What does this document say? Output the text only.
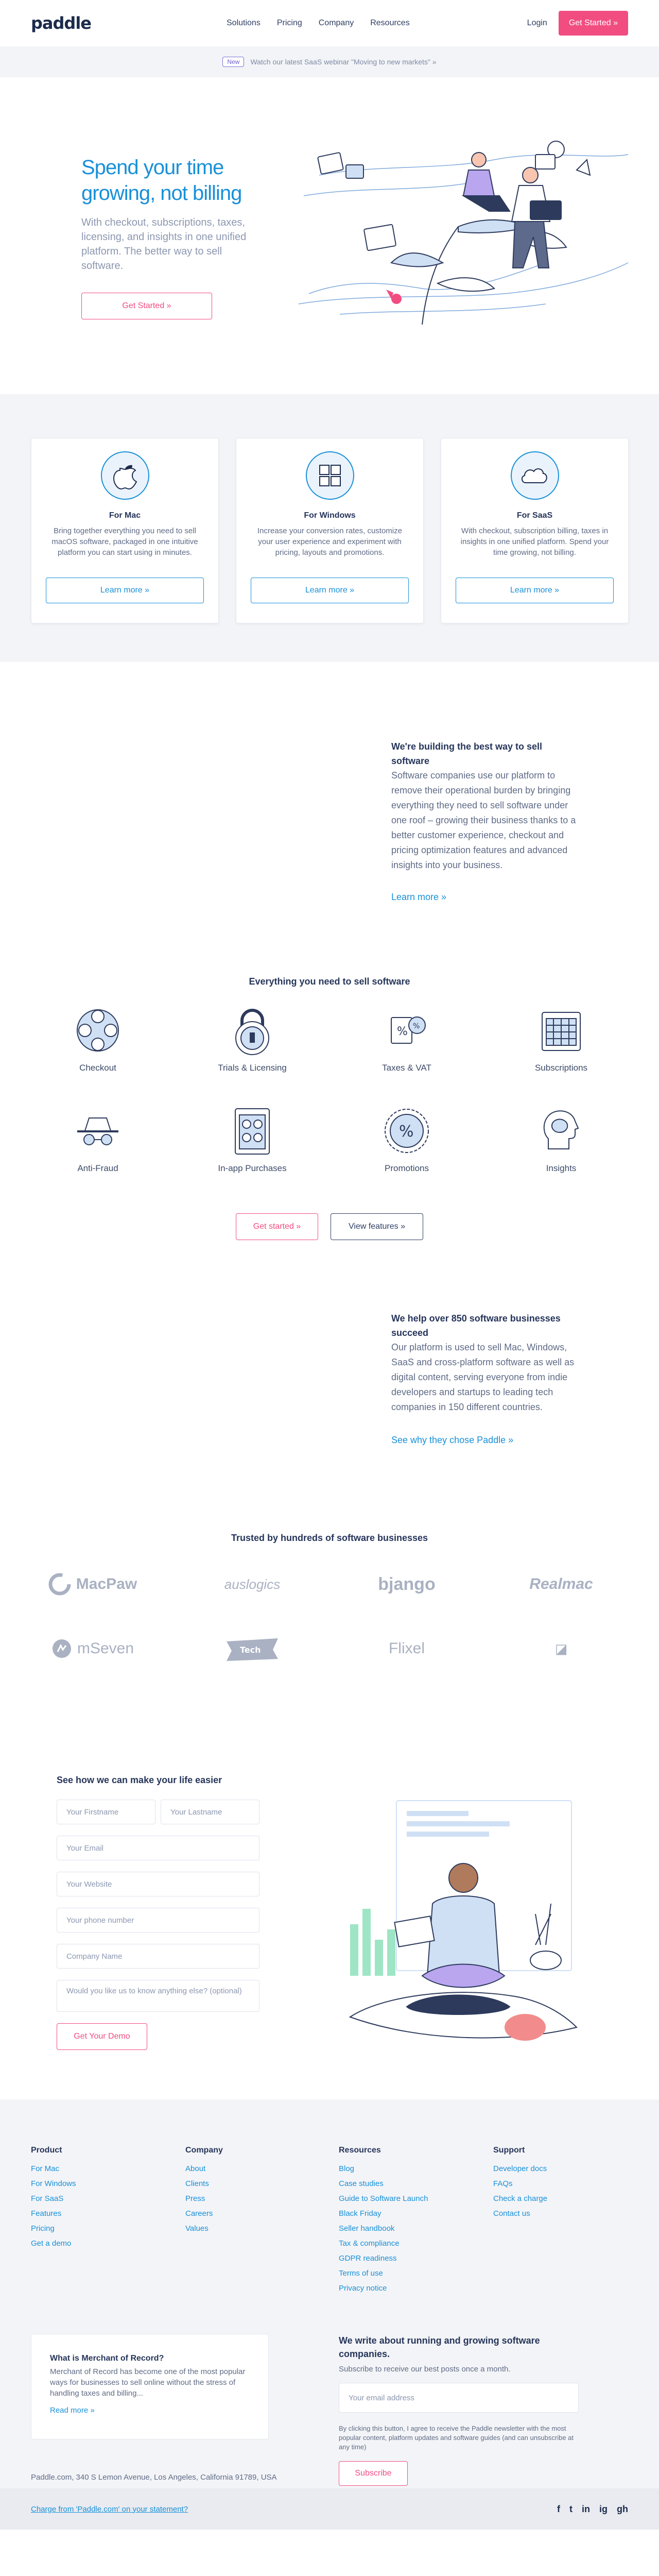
paddle	Solutions Pricing Company Resources	Login	Get Started »
New	Watch our latest SaaS webinar "Moving to new markets" »
Spend your time growing, not billing

With checkout, subscriptions, taxes, licensing, and insights in one unified platform. The better way to sell software.

Get Started »
For Mac

Bring together everything you need to sell macOS software, packaged in one intuitive platform you can start using in minutes.

Learn more »
For Windows

Increase your conversion rates, customize your user experience and experiment with pricing, layouts and promotions.

Learn more »
For SaaS

With checkout, subscription billing, taxes in insights in one unified platform. Spend your time growing, not billing.

Learn more »
We're building the best way to sell software

Software companies use our platform to remove their operational burden by bringing everything they need to sell software under one roof – growing their business thanks to a better customer experience, checkout and pricing optimization features and advanced insights into your business.

Learn more »
Everything you need to sell software
Checkout	Trials & Licensing
% %
Taxes & VAT	Subscriptions
Anti-Fraud	In-app Purchases
%
Promotions	Insights
Get started »	View features »
We help over 850 software businesses succeed

Our platform is used to sell Mac, Windows, SaaS and cross-platform software as well as digital content, serving everyone from indie developers and startups to leading tech companies in 150 different countries.

See why they chose Paddle »
Trusted by hundreds of software businesses
MacPaw	auslogics	bjango	Realmac
mSeven	Tech	Flixel	◪
See how we can make your life easier
Your Firstname	Your Lastname
Your Email
Your Website
Your phone number
Company Name
Would you like us to know anything else? (optional)
Get Your Demo
Product
For Mac
For Windows
For SaaS
Features
Pricing
Get a demo
Company
About
Clients
Press
Careers
Values
Resources
Blog
Case studies
Guide to Software Launch
Black Friday
Seller handbook
Tax & compliance
GDPR readiness
Terms of use
Privacy notice
Support
Developer docs
FAQs
Check a charge
Contact us
What is Merchant of Record?

Merchant of Record has become one of the most popular ways for businesses to sell online without the stress of handling taxes and billing...

Read more »
We write about running and growing software companies.

Subscribe to receive our best posts once a month.

Your email address

By clicking this button, I agree to receive the Paddle newsletter with the most popular content, platform updates and software guides (and can unsubscribe at any time)

Subscribe
Paddle.com, 340 S Lemon Avenue, Los Angeles, California 91789, USA
Charge from 'Paddle.com' on your statement?	f t in ig gh
